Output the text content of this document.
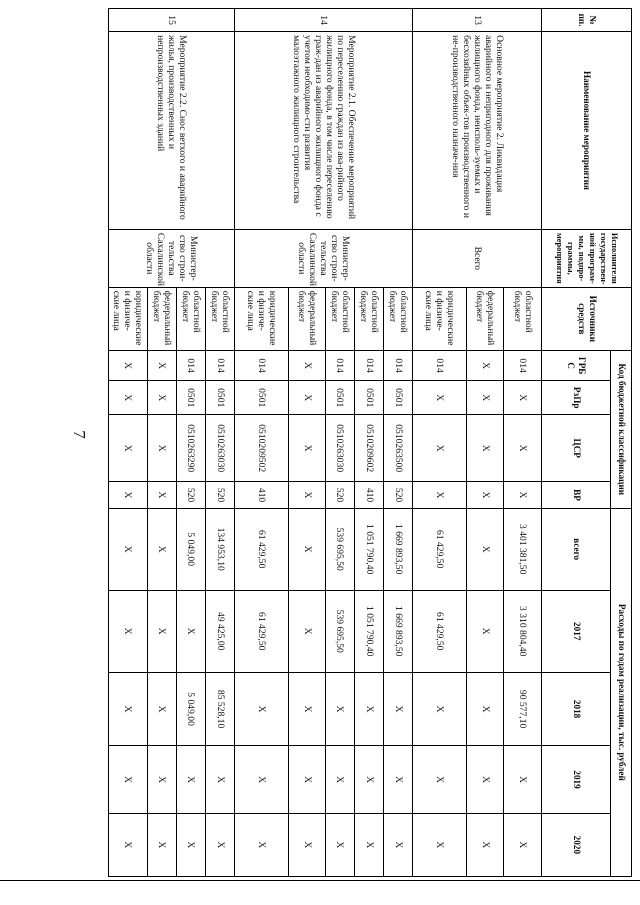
7
№ пп.	Наименование мероприятия	Исполнители государствен-ной програм-мы, подпро-граммы, мероприятия	Источники средств	Код бюджетной классификации				Расходы по годам реализации, тыс. рублей				
				ГРБ С	РзПр	ЦСР	ВР	всего	2017	2018	2019	2020

13	Основное мероприятие 2. Ликвидация аварийного и непригодного для проживания жилищного фонда, неисполь-зуемых и бесхозяйных объек-тов производственного и не-производственного назначе-ния	Всего	областной бюджет	014	Х	Х	Х	3 401 381,50	3 310 804,40	90 577,10	Х	Х
			федеральный бюджет	Х	Х	Х	Х	Х	Х	Х	Х	Х
			юридические и физиче-ские лица	014	Х	Х	Х	61 429,50	61 429,50	Х	Х	Х
14	Мероприятие 2.1. Обеспечение мероприятий по переселению граждан из ава-рийного жилищного фонда, в том числе переселению граж-дан из аварийного жилищного фонда с учетом необходимо-сти развития малоэтажного жилищного строительства	Министер-ство строи-тельства Сахалинской области	областной бюджет	014	0501	0510263500	520	1 669 893,50	1 669 893,50	Х	Х	Х
			областной бюджет	014	0501	0510209602	410	1 051 790,40	1 051 790,40	Х	Х	Х
			областной бюджет	014	0501	0510263030	520	539 695,50	539 695,50	Х	Х	Х
			федеральный бюджет	Х	Х	Х	Х	Х	Х	Х	Х	Х
			юридические и физиче-ские лица	014	0501	0510209502	410	61 429,50	61 429,50	Х	Х	Х
15	Мероприятие 2.2. Снос ветхого и аварийного жилья, производственных и непроизводственных зданий	Министер-ство строи-тельства Сахалинской области	областной бюджет	014	0501	0510263030	520	134 953,10	49 425,00	85 528,10	Х	Х
			областной бюджет	014	0501	0510263290	520	5 049,00	Х	5 049,00	Х	Х
			федеральный бюджет	Х	Х	Х	Х	Х	Х	Х	Х	Х
			юридические и физиче-ские лица	Х	Х	Х	Х	Х	Х	Х	Х	Х
